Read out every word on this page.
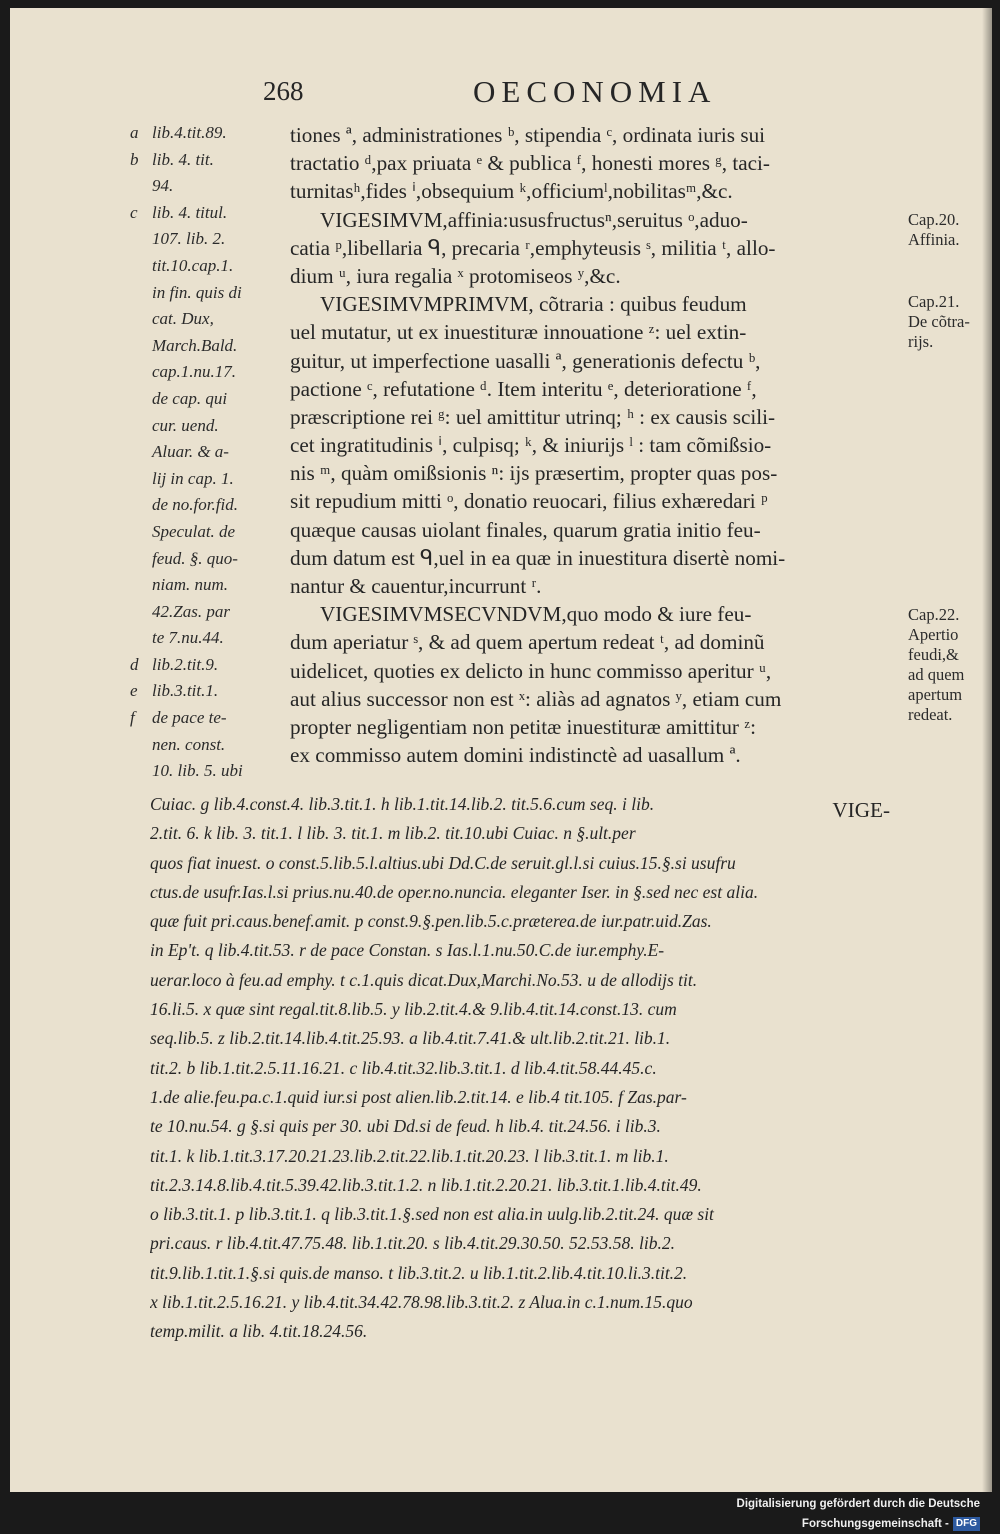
268	OECONOMIA
tiones ª, administrationes ᵇ, stipendia ᶜ, ordinata iuris sui
tractatio ᵈ,pax priuata ᵉ & publica ᶠ, honesti mores ᵍ, taci-
turnitasʰ,fides ⁱ,obsequium ᵏ,officiumˡ,nobilitasᵐ,&c.
VIGESIMVM,affinia:ususfructusⁿ,seruitus ᵒ,aduo-
catia ᵖ,libellaria ᑫ, precaria ʳ,emphyteusis ˢ, militia ᵗ, allo-
dium ᵘ, iura regalia ˣ protomiseos ʸ,&c.
VIGESIMVMPRIMVM, cõtraria : quibus feudum
uel mutatur, ut ex inuestituræ innouatione ᶻ: uel extin-
guitur, ut imperfectione uasalli ª, generationis defectu ᵇ,
pactione ᶜ, refutatione ᵈ. Item interitu ᵉ, deterioratione ᶠ,
præscriptione rei ᵍ: uel amittitur utrinq; ʰ : ex causis scili-
cet ingratitudinis ⁱ, culpisq; ᵏ, & iniurijs ˡ : tam cõmißsio-
nis ᵐ, quàm omißsionis ⁿ: ijs præsertim, propter quas pos-
sit repudium mitti ᵒ, donatio reuocari, filius exhæredari ᵖ
quæque causas uiolant finales, quarum gratia initio feu-
dum datum est ᑫ,uel in ea quæ in inuestitura disertè nomi-
nantur & cauentur,incurrunt ʳ.
VIGESIMVMSECVNDVM,quo modo & iure feu-
dum aperiatur ˢ, & ad quem apertum redeat ᵗ, ad dominũ
uidelicet, quoties ex delicto in hunc commisso aperitur ᵘ,
aut alius successor non est ˣ: aliàs ad agnatos ʸ, etiam cum
propter negligentiam non petitæ inuestituræ amittitur ᶻ:
ex commisso autem domini indistinctè ad uasallum ª.
VIGE-
a lib.4.tit.89.
b lib. 4. tit.
94.
c lib. 4. titul.
107. lib. 2.
tit.10.cap.1.
in fin. quis di
cat. Dux,
March.Bald.
cap.1.nu.17.
de cap. qui
cur. uend.
Aluar. & a-
lij in cap. 1.
de no.for.fid.
Speculat. de
feud. §. quo-
niam. num.
42.Zas. par
te 7.nu.44.
d lib.2.tit.9.
e lib.3.tit.1.
f de pace te-
nen. const.
10. lib. 5. ubi
Cap.20.
Affinia.
Cap.21.
De cõtra-
rijs.
Cap.22.
Apertio
feudi,&
ad quem
apertum
redeat.
Cuiac. g lib.4.const.4. lib.3.tit.1. h lib.1.tit.14.lib.2. tit.5.6.cum seq. i lib.
2.tit. 6. k lib. 3. tit.1. l lib. 3. tit.1. m lib.2. tit.10.ubi Cuiac. n §.ult.per
quos fiat inuest. o const.5.lib.5.l.altius.ubi Dd.C.de seruit.gl.l.si cuius.15.§.si usufru
ctus.de usufr.Ias.l.si prius.nu.40.de oper.no.nuncia. eleganter Iser. in §.sed nec est alia.
quæ fuit pri.caus.benef.amit. p const.9.§.pen.lib.5.c.præterea.de iur.patr.uid.Zas.
in Ep't. q lib.4.tit.53. r de pace Constan. s Ias.l.1.nu.50.C.de iur.emphy.E-
uerar.loco à feu.ad emphy. t c.1.quis dicat.Dux,Marchi.No.53. u de allodijs tit.
16.li.5. x quæ sint regal.tit.8.lib.5. y lib.2.tit.4.& 9.lib.4.tit.14.const.13. cum
seq.lib.5. z lib.2.tit.14.lib.4.tit.25.93. a lib.4.tit.7.41.& ult.lib.2.tit.21. lib.1.
tit.2. b lib.1.tit.2.5.11.16.21. c lib.4.tit.32.lib.3.tit.1. d lib.4.tit.58.44.45.c.
1.de alie.feu.pa.c.1.quid iur.si post alien.lib.2.tit.14. e lib.4 tit.105. f Zas.par-
te 10.nu.54. g §.si quis per 30. ubi Dd.si de feud. h lib.4. tit.24.56. i lib.3.
tit.1. k lib.1.tit.3.17.20.21.23.lib.2.tit.22.lib.1.tit.20.23. l lib.3.tit.1. m lib.1.
tit.2.3.14.8.lib.4.tit.5.39.42.lib.3.tit.1.2. n lib.1.tit.2.20.21. lib.3.tit.1.lib.4.tit.49.
o lib.3.tit.1. p lib.3.tit.1. q lib.3.tit.1.§.sed non est alia.in uulg.lib.2.tit.24. quæ sit
pri.caus. r lib.4.tit.47.75.48. lib.1.tit.20. s lib.4.tit.29.30.50. 52.53.58. lib.2.
tit.9.lib.1.tit.1.§.si quis.de manso. t lib.3.tit.2. u lib.1.tit.2.lib.4.tit.10.li.3.tit.2.
x lib.1.tit.2.5.16.21. y lib.4.tit.34.42.78.98.lib.3.tit.2. z Alua.in c.1.num.15.quo
temp.milit. a lib. 4.tit.18.24.56.
Digitalisierung gefördert durch die Deutsche Forschungsgemeinschaft - DFG
